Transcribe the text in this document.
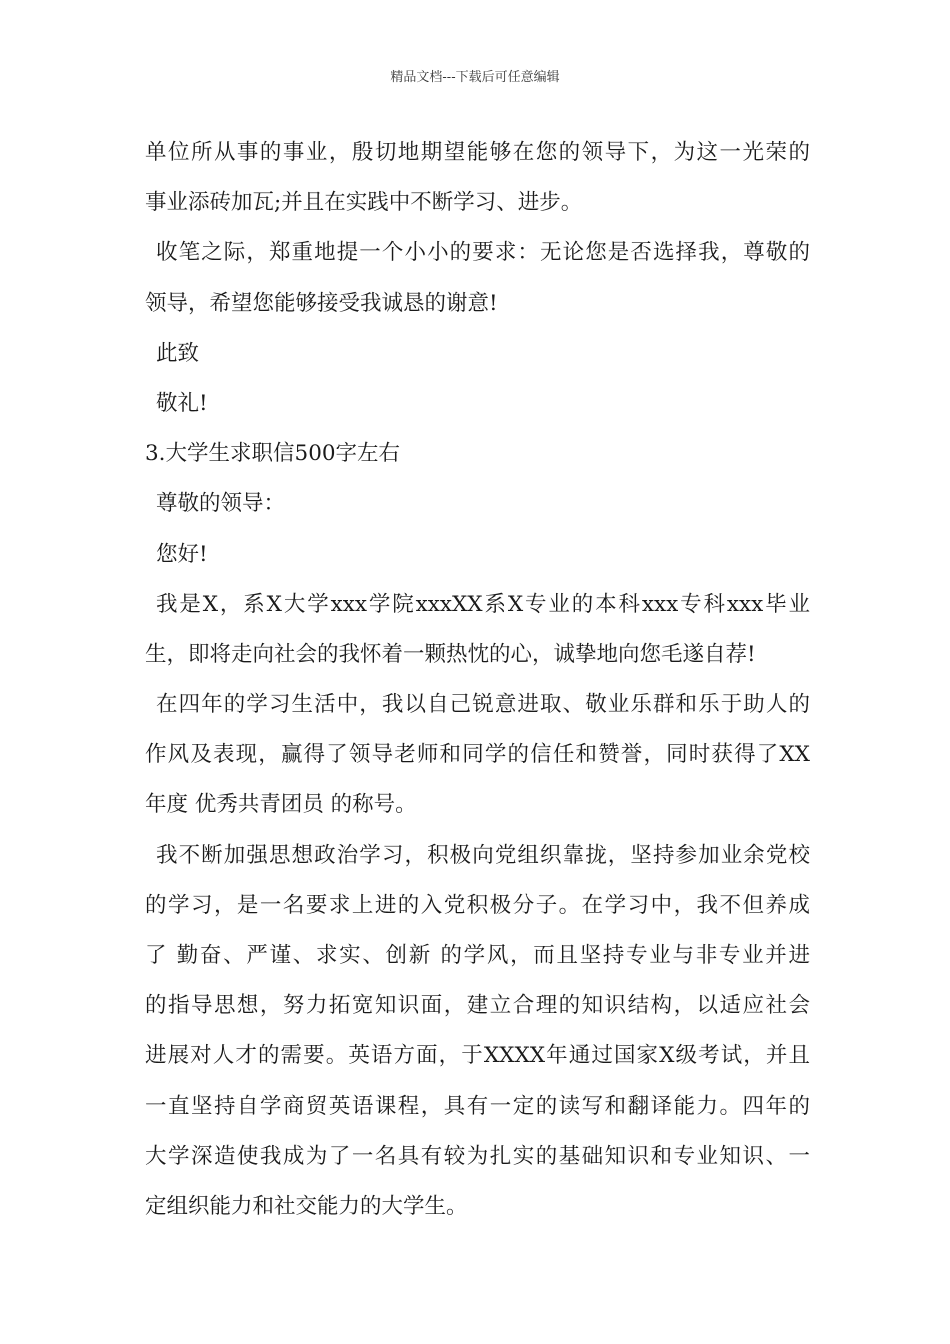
精品文档---下载后可任意编辑
单位所从事的事业，殷切地期望能够在您的领导下，为这一光荣的
事业添砖加瓦;并且在实践中不断学习、进步。
收笔之际，郑重地提一个小小的要求：无论您是否选择我，尊敬的
领导，希望您能够接受我诚恳的谢意!
此致
敬礼!
3.大学生求职信500字左右
尊敬的领导：
您好!
我是X，系X大学xxx学院xxxXX系X专业的本科xxx专科xxx毕业
生，即将走向社会的我怀着一颗热忱的心，诚挚地向您毛遂自荐!
在四年的学习生活中，我以自己锐意进取、敬业乐群和乐于助人的
作风及表现，赢得了领导老师和同学的信任和赞誉，同时获得了XX
年度 优秀共青团员 的称号。
我不断加强思想政治学习，积极向党组织靠拢，坚持参加业余党校
的学习，是一名要求上进的入党积极分子。在学习中，我不但养成
了 勤奋、严谨、求实、创新 的学风，而且坚持专业与非专业并进
的指导思想，努力拓宽知识面，建立合理的知识结构，以适应社会
进展对人才的需要。英语方面，于XXXX年通过国家X级考试，并且
一直坚持自学商贸英语课程，具有一定的读写和翻译能力。四年的
大学深造使我成为了一名具有较为扎实的基础知识和专业知识、一
定组织能力和社交能力的大学生。
